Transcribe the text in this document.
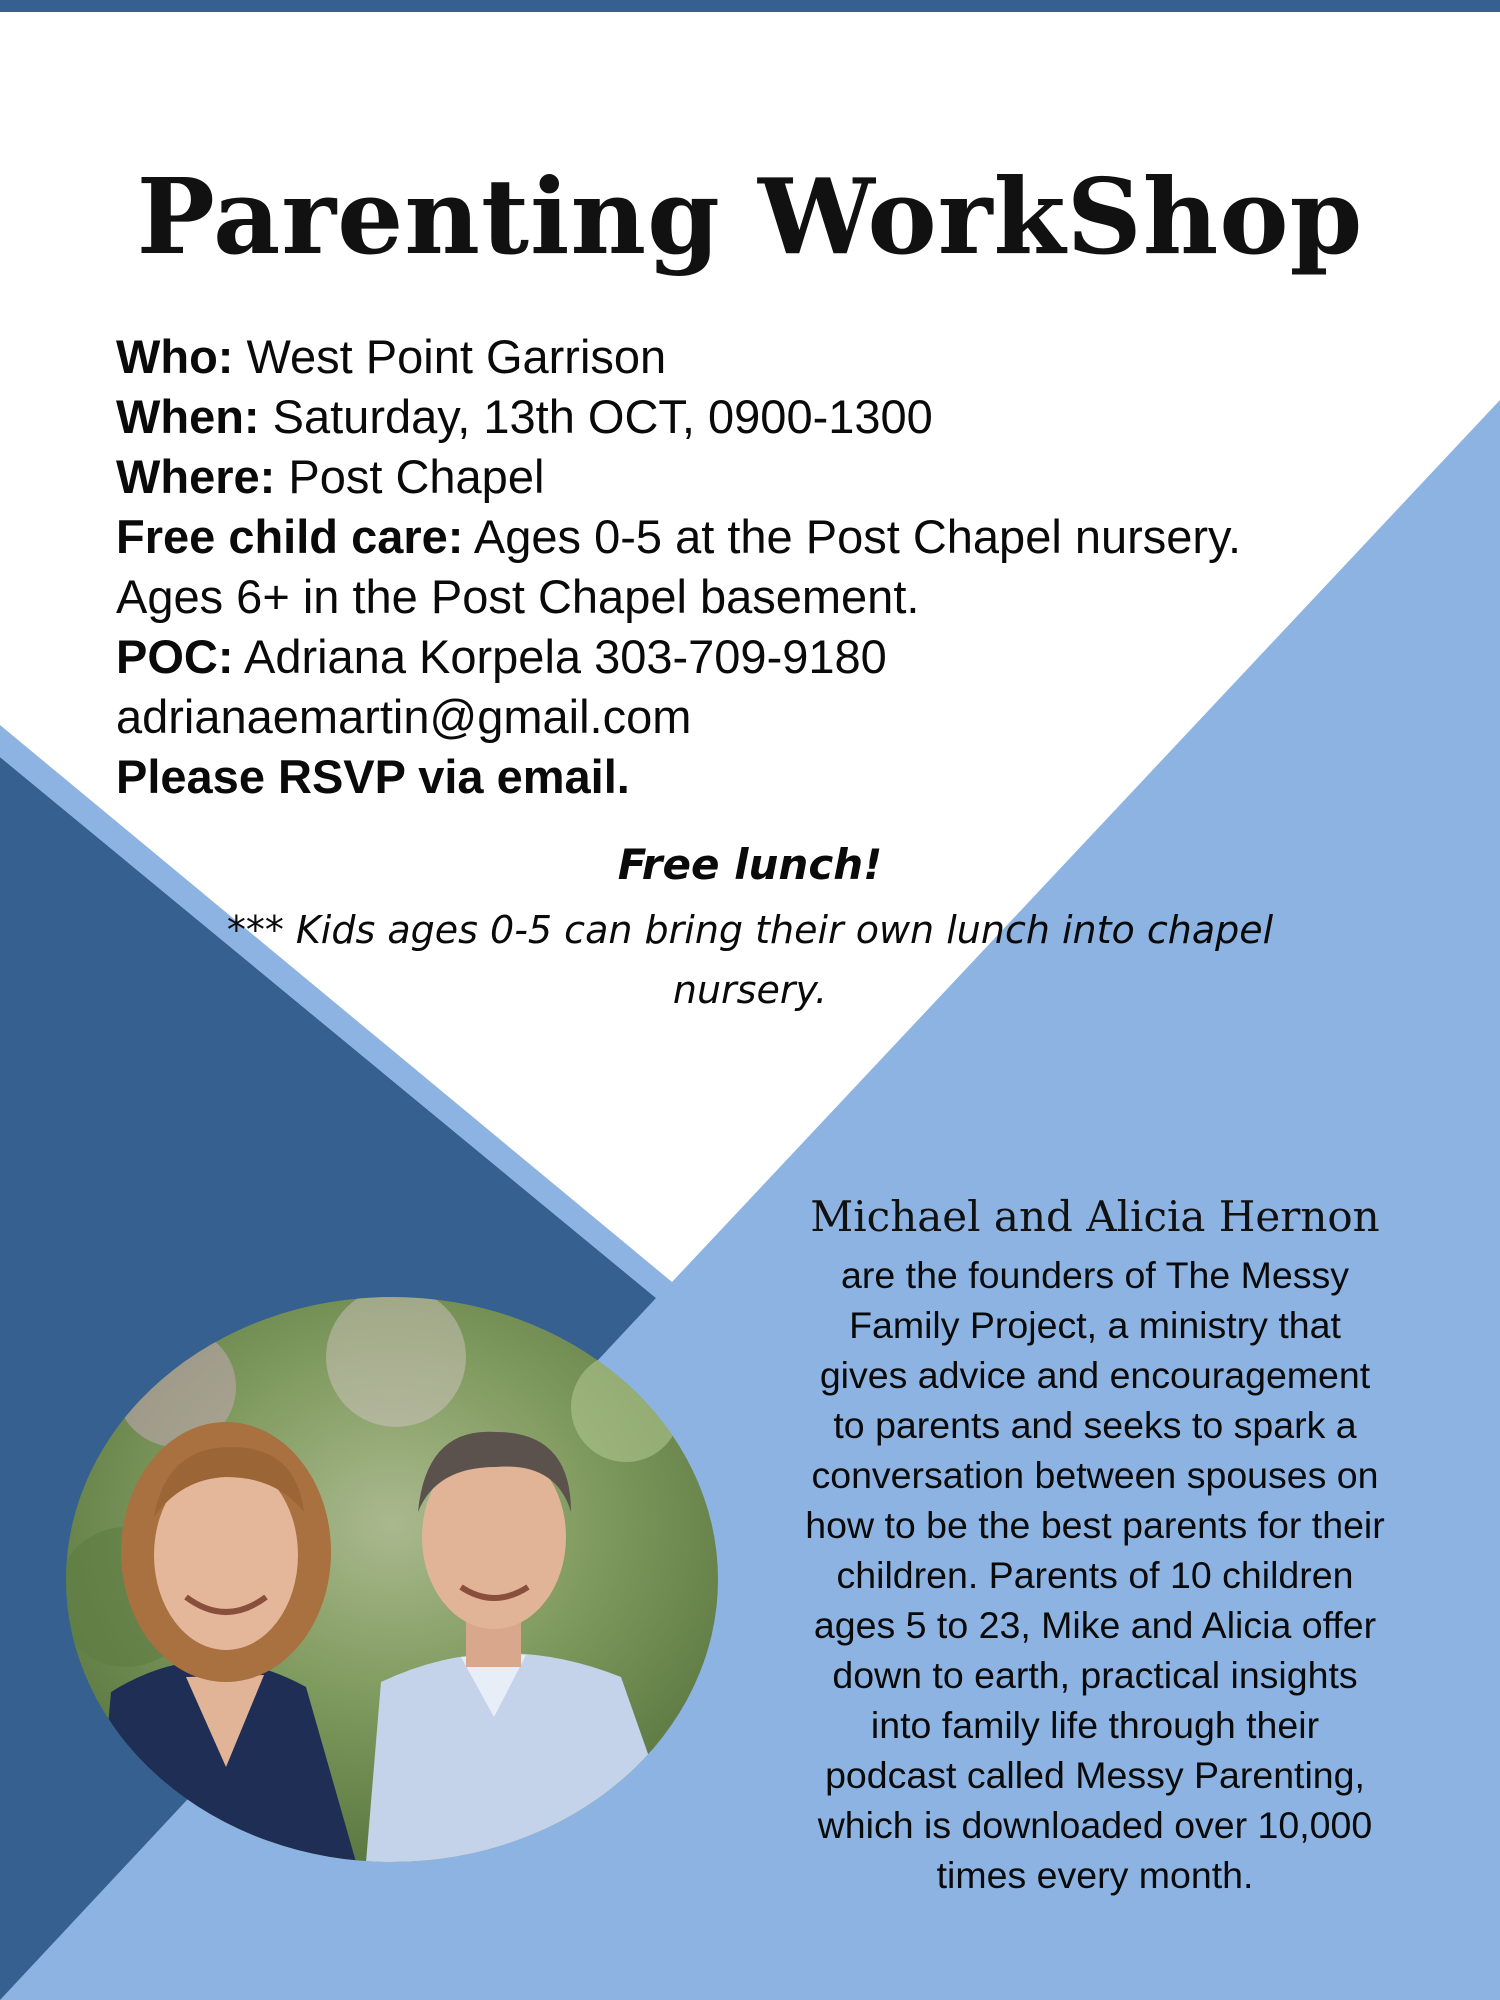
Parenting WorkShop
Who: West Point Garrison
When: Saturday, 13th OCT, 0900-1300
Where: Post Chapel
Free child care: Ages 0-5 at the Post Chapel nursery.
Ages 6+ in the Post Chapel basement.
POC: Adriana Korpela 303-709-9180
adrianaemartin@gmail.com
Please RSVP via email.
Free lunch!
*** Kids ages 0-5 can bring their own lunch into chapel
nursery.
Michael and Alicia Hernon
are the founders of The Messy
Family Project, a ministry that
gives advice and encouragement
to parents and seeks to spark a
conversation between spouses on
how to be the best parents for their
children. Parents of 10 children
ages 5 to 23, Mike and Alicia offer
down to earth, practical insights
into family life through their
podcast called Messy Parenting,
which is downloaded over 10,000
times every month.
